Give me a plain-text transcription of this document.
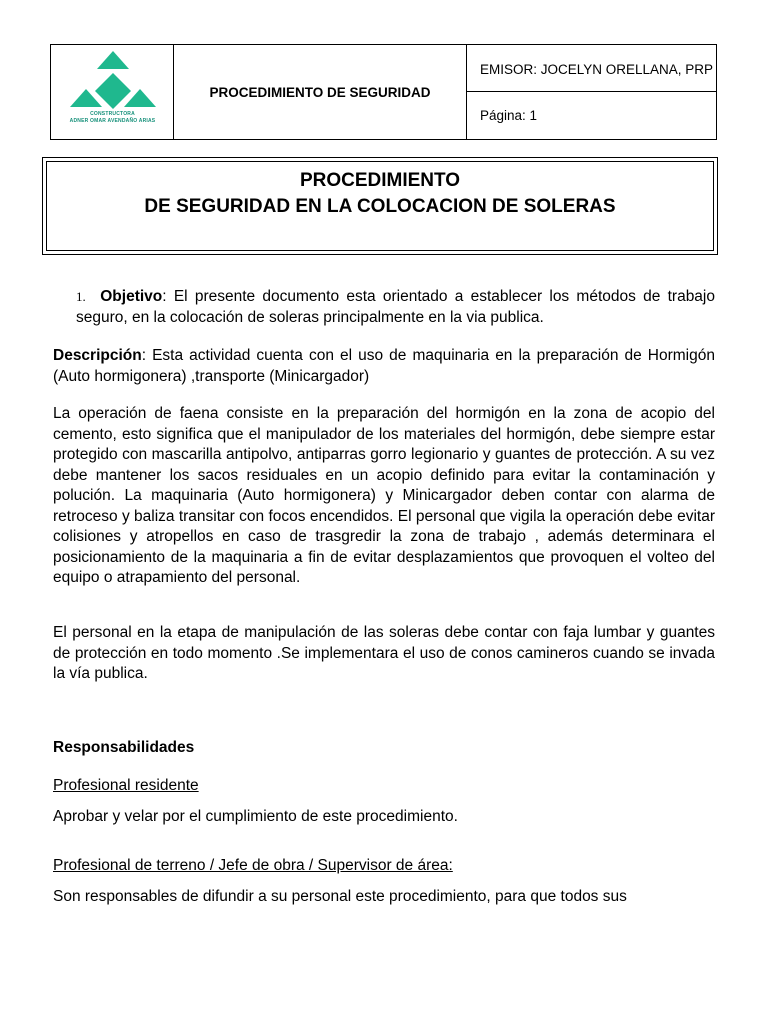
CONSTRUCTORA
ADNER OMAR AVENDAÑO ARIAS
PROCEDIMIENTO DE SEGURIDAD
EMISOR: JOCELYN ORELLANA, PRP
Página: 1
PROCEDIMIENTO
DE SEGURIDAD EN LA COLOCACION DE SOLERAS
1. Objetivo: El presente documento esta orientado a establecer los métodos de trabajo seguro, en la colocación de soleras principalmente en la via publica.
Descripción: Esta actividad cuenta con el uso de maquinaria en la preparación de Hormigón (Auto hormigonera) ,transporte (Minicargador)
La operación de faena consiste en la preparación del hormigón en la zona de acopio del cemento, esto significa que el manipulador de los materiales del hormigón, debe siempre estar protegido con mascarilla antipolvo, antiparras gorro legionario y guantes de protección. A su vez debe mantener los sacos residuales en un acopio definido para evitar la contaminación y polución. La maquinaria (Auto hormigonera) y Minicargador deben contar con alarma de retroceso y baliza transitar con focos encendidos. El personal que vigila la operación debe evitar colisiones y atropellos en caso de trasgredir la zona de trabajo , además determinara el posicionamiento de la maquinaria a fin de evitar desplazamientos que provoquen el volteo del equipo o atrapamiento del personal.
El personal en la etapa de manipulación de las soleras debe contar con faja lumbar y guantes de protección en todo momento .Se implementara el uso de conos camineros cuando se invada la vía publica.
Responsabilidades
Profesional residente
Aprobar y velar por el cumplimiento de este procedimiento.
Profesional de terreno / Jefe de obra / Supervisor de área:
Son responsables de difundir a su personal este procedimiento, para que todos sus
